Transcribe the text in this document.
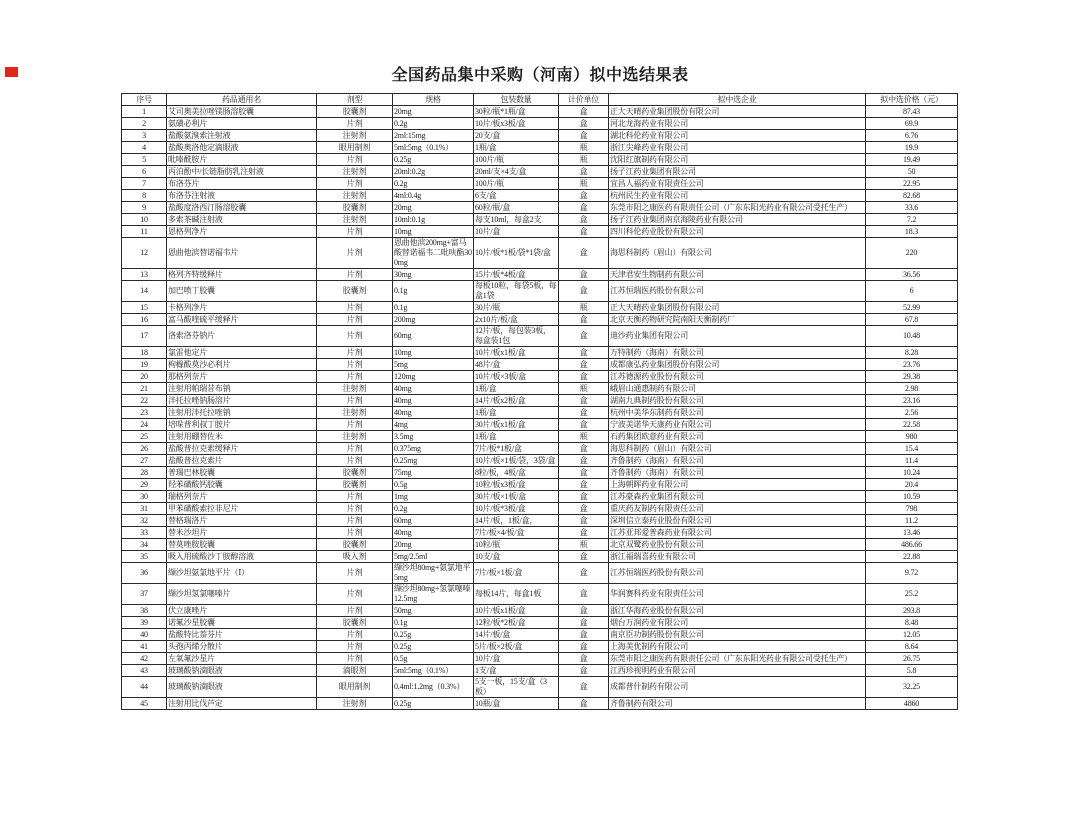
全国药品集中采购（河南）拟中选结果表
序号	药品通用名	剂型	规格	包装数量	计价单位	拟中选企业	拟中选价格（元）
1	艾司奥美拉唑镁肠溶胶囊	胶囊剂	20mg	30粒/瓶*1瓶/盒	盒	正大天晴药业集团股份有限公司	87.43
2	氨磺必利片	片剂	0.2g	10片/板x3板/盒	盒	河北龙海药业有限公司	69.9
3	盐酸氨溴索注射液	注射剂	2ml:15mg	20支/盒	盒	湖北科伦药业有限公司	6.76
4	盐酸奥洛他定滴眼液	眼用制剂	5ml:5mg（0.1%）	1瓶/盒	瓶	浙江尖峰药业有限公司	19.9
5	吡嗪酰胺片	片剂	0.25g	100片/瓶	瓶	沈阳红旗制药有限公司	19.49
6	丙泊酚中/长链脂肪乳注射液	注射剂	20ml:0.2g	20ml/支×4支/盒	盒	扬子江药业集团有限公司	50
7	布洛芬片	片剂	0.2g	100片/瓶	瓶	宜昌人福药业有限责任公司	22.95
8	布洛芬注射液	注射剂	4ml:0.4g	6支/盒	盒	杭州民生药业有限公司	82.68
9	盐酸度洛西汀肠溶胶囊	胶囊剂	20mg	60粒/瓶/盒	盒	东莞市阳之康医药有限责任公司（广东东阳光药业有限公司受托生产）	33.6
10	多索茶碱注射液	注射剂	10ml:0.1g	每支10ml，每盒2支	盒	扬子江药业集团南京海陵药业有限公司	7.2
11	恩格列净片	片剂	10mg	10片/盒	盒	四川科伦药业股份有限公司	18.3
12	恩曲他滨替诺福韦片	片剂	恩曲他滨200mg+富马酸替诺福韦二吡呋酯300mg	10片/板*1板/袋*1袋/盒	盒	海思科制药（眉山）有限公司	220
13	格列齐特缓释片	片剂	30mg	15片/板*4板/盒	盒	天津君安生物制药有限公司	36.56
14	加巴喷丁胶囊	胶囊剂	0.1g	每板10粒，每袋5板，每盒1袋	盒	江苏恒瑞医药股份有限公司	6
15	卡格列净片	片剂	0.1g	30片/瓶	瓶	正大天晴药业集团股份有限公司	52.99
16	富马酸喹硫平缓释片	片剂	200mg	2x10片/板/盒	盒	北京天衡药物研究院南阳天衡制药厂	67.8
17	洛索洛芬钠片	片剂	60mg	12片/板，每包装3板，每盒装1包	盒	迪沙药业集团有限公司	10.48
18	氯雷他定片	片剂	10mg	10片/板x1板/盒	盒	万特制药（海南）有限公司	8.28
19	枸橼酸莫沙必利片	片剂	5mg	48片/盒	盒	成都康弘药业集团股份有限公司	23.76
20	那格列奈片	片剂	120mg	10片/板×3板/盒	盒	江苏德源药业股份有限公司	29.38
21	注射用帕瑞昔布钠	注射剂	40mg	1瓶/盒	瓶	峨眉山通惠制药有限公司	2.98
22	泮托拉唑钠肠溶片	片剂	40mg	14片/板x2板/盒	盒	湖南九典制药股份有限公司	23.16
23	注射用泮托拉唑钠	注射剂	40mg	1瓶/盒	盒	杭州中美华东制药有限公司	2.56
24	培哚普利叔丁胺片	片剂	4mg	30片/板x1板/盒	盒	宁波美诺华天康药业有限公司	22.58
25	注射用硼替佐米	注射剂	3.5mg	1瓶/盒	瓶	石药集团欧意药业有限公司	980
26	盐酸普拉克索缓释片	片剂	0.375mg	7片/板*1板/盒	盒	海思科制药（眉山）有限公司	15.4
27	盐酸普拉克索片	片剂	0.25mg	10片/板×1板/袋，3袋/盒	盒	齐鲁制药（海南）有限公司	11.4
28	普瑞巴林胶囊	胶囊剂	75mg	8粒/板，4板/盒	盒	齐鲁制药（海南）有限公司	10.24
29	羟苯磺酸钙胶囊	胶囊剂	0.5g	10粒/板x3板/盒	盒	上海朝晖药业有限公司	20.4
30	瑞格列奈片	片剂	1mg	30片/板×1板/盒	盒	江苏豪森药业集团有限公司	10.59
31	甲苯磺酸索拉非尼片	片剂	0.2g	10片/板*3板/盒	盒	重庆药友制药有限责任公司	798
32	替格瑞洛片	片剂	60mg	14片/板，1板/盒，	盒	深圳信立泰药业股份有限公司	11.2
33	替米沙坦片	片剂	40mg	7片/板×4/板/盒	盒	江苏亚邦爱普森药业有限公司	13.46
34	替莫唑胺胶囊	胶囊剂	20mg	10粒/瓶	瓶	北京双鹭药业股份有限公司	486.66
35	吸入用硫酸沙丁胺醇溶液	吸入剂	5mg/2.5ml	10支/盒	盒	浙江福瑞喜药业有限公司	22.88
36	缬沙坦氨氯地平片（Ⅰ）	片剂	缬沙坦80mg+氨氯地平5mg	7片/板×1板/盒	盒	江苏恒瑞医药股份有限公司	9.72
37	缬沙坦氢氯噻嗪片	片剂	缬沙坦80mg+氢氯噻嗪12.5mg	每板14片，每盒1板	盒	华润赛科药业有限责任公司	25.2
38	伏立康唑片	片剂	50mg	10片/板x1板/盒	盒	浙江华海药业股份有限公司	293.8
39	诺氟沙星胶囊	胶囊剂	0.1g	12粒/板*2板/盒	盒	烟台万润药业有限公司	8.48
40	盐酸特比萘芬片	片剂	0.25g	14片/板/盒	盒	南京臣功制药股份有限公司	12.05
41	头孢丙烯分散片	片剂	0.25g	5片/板×2板/盒	盒	上海美优制药有限公司	8.64
42	左氧氟沙星片	片剂	0.5g	10片/盒	盒	东莞市阳之康医药有限责任公司（广东东阳光药业有限公司受托生产）	26.75
43	玻璃酸钠滴眼液	滴眼剂	5ml:5mg（0.1%）	1支/盒	盒	江西珍视明药业有限公司	5.8
44	玻璃酸钠滴眼液	眼用制剂	0.4ml:1.2mg（0.3%）	5支一板，15支/盒（3板）	盒	成都普什制药有限公司	32.25
45	注射用比伐芦定	注射剂	0.25g	10瓶/盒	盒	齐鲁制药有限公司	4860
